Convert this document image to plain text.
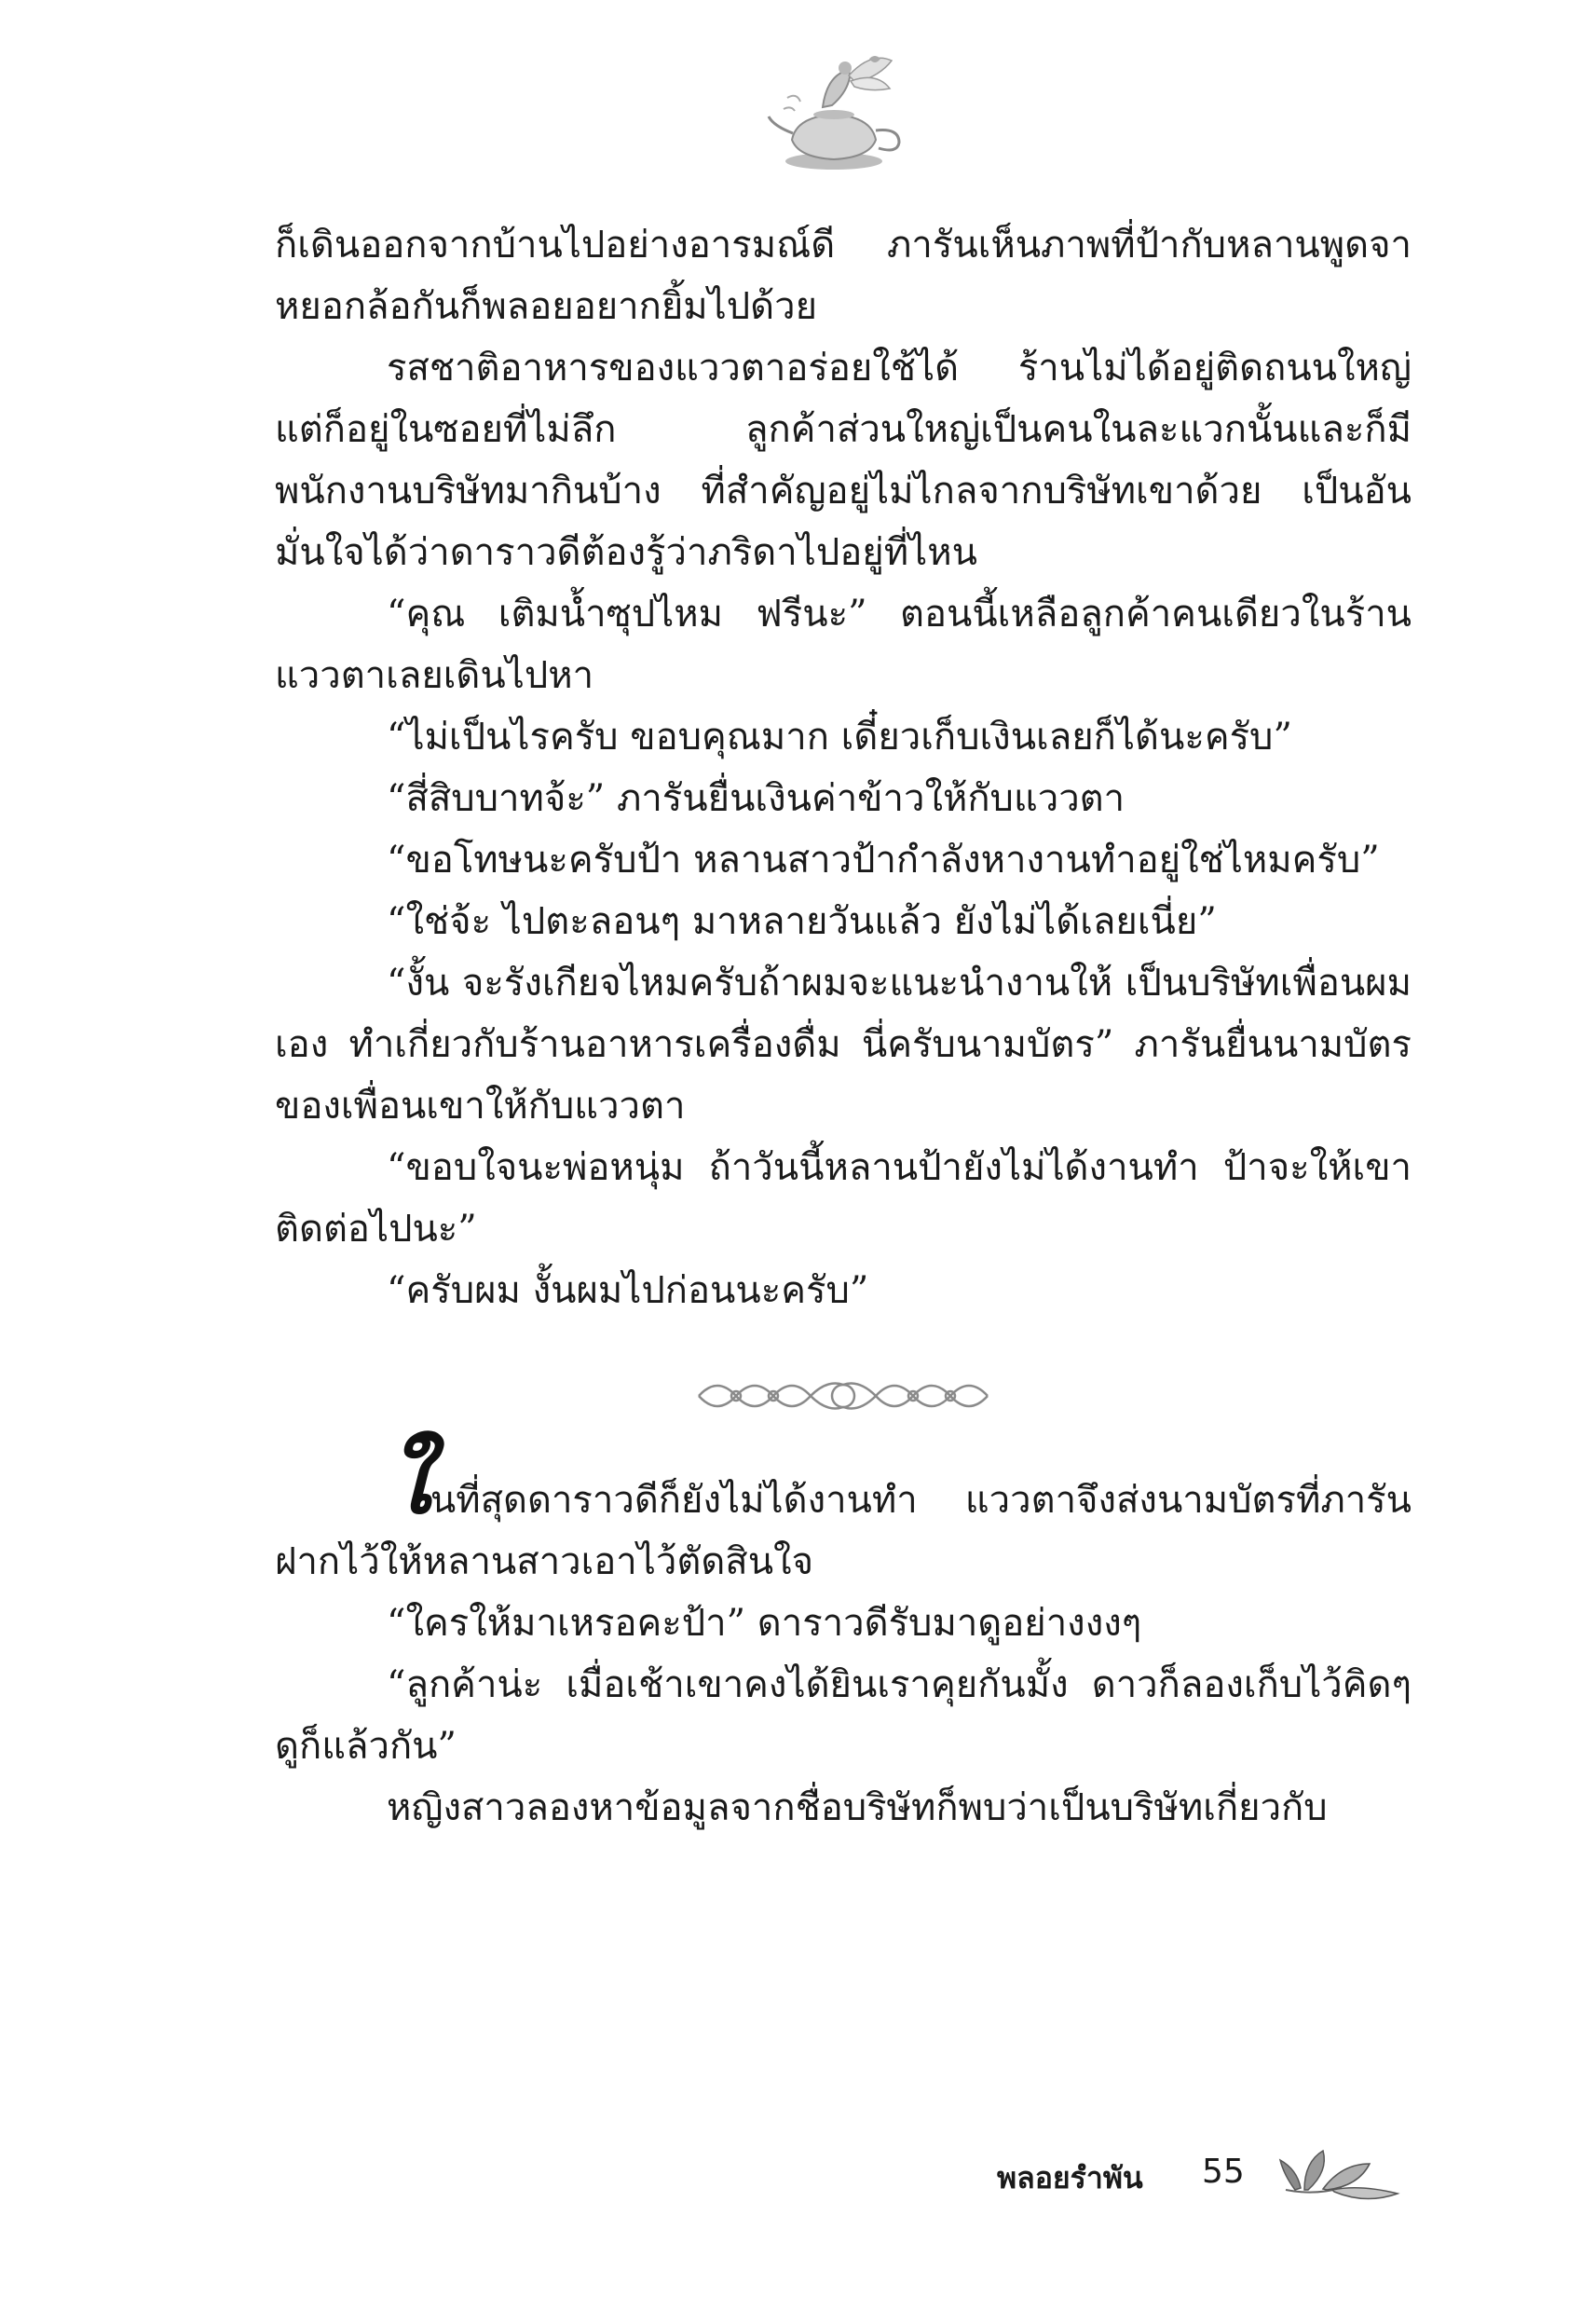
ก็เดินออกจากบ้านไปอย่างอารมณ์ดี ภารันเห็นภาพที่ป้ากับหลานพูดจาหยอกล้อกันก็พลอยอยากยิ้มไปด้วย

รสชาติอาหารของแววตาอร่อยใช้ได้ ร้านไม่ได้อยู่ติดถนนใหญ่ แต่ก็อยู่ในซอยที่ไม่ลึก ลูกค้าส่วนใหญ่เป็นคนในละแวกนั้นและก็มีพนักงานบริษัทมากินบ้าง ที่สำคัญอยู่ไม่ไกลจากบริษัทเขาด้วย เป็นอันมั่นใจได้ว่าดาราวดีต้องรู้ว่าภริดาไปอยู่ที่ไหน

“คุณ เติมน้ำซุปไหม ฟรีนะ” ตอนนี้เหลือลูกค้าคนเดียวในร้านแววตาเลยเดินไปหา

“ไม่เป็นไรครับ ขอบคุณมาก เดี๋ยวเก็บเงินเลยก็ได้นะครับ”

“สี่สิบบาทจ้ะ” ภารันยื่นเงินค่าข้าวให้กับแววตา

“ขอโทษนะครับป้า หลานสาวป้ากำลังหางานทำอยู่ใช่ไหมครับ”

“ใช่จ้ะ ไปตะลอนๆ มาหลายวันแล้ว ยังไม่ได้เลยเนี่ย”

“งั้น จะรังเกียจไหมครับถ้าผมจะแนะนำงานให้ เป็นบริษัทเพื่อนผมเอง ทำเกี่ยวกับร้านอาหารเครื่องดื่ม นี่ครับนามบัตร” ภารันยื่นนามบัตรของเพื่อนเขาให้กับแววตา

“ขอบใจนะพ่อหนุ่ม ถ้าวันนี้หลานป้ายังไม่ได้งานทำ ป้าจะให้เขาติดต่อไปนะ”

“ครับผม งั้นผมไปก่อนนะครับ”

ในที่สุดดาราวดีก็ยังไม่ได้งานทำ แววตาจึงส่งนามบัตรที่ภารันฝากไว้ให้หลานสาวเอาไว้ตัดสินใจ

“ใครให้มาเหรอคะป้า” ดาราวดีรับมาดูอย่างงงๆ

“ลูกค้าน่ะ เมื่อเช้าเขาคงได้ยินเราคุยกันมั้ง ดาวก็ลองเก็บไว้คิดๆ ดูก็แล้วกัน”

หญิงสาวลองหาข้อมูลจากชื่อบริษัทก็พบว่าเป็นบริษัทเกี่ยวกับ

พลอยรำพัน 55
